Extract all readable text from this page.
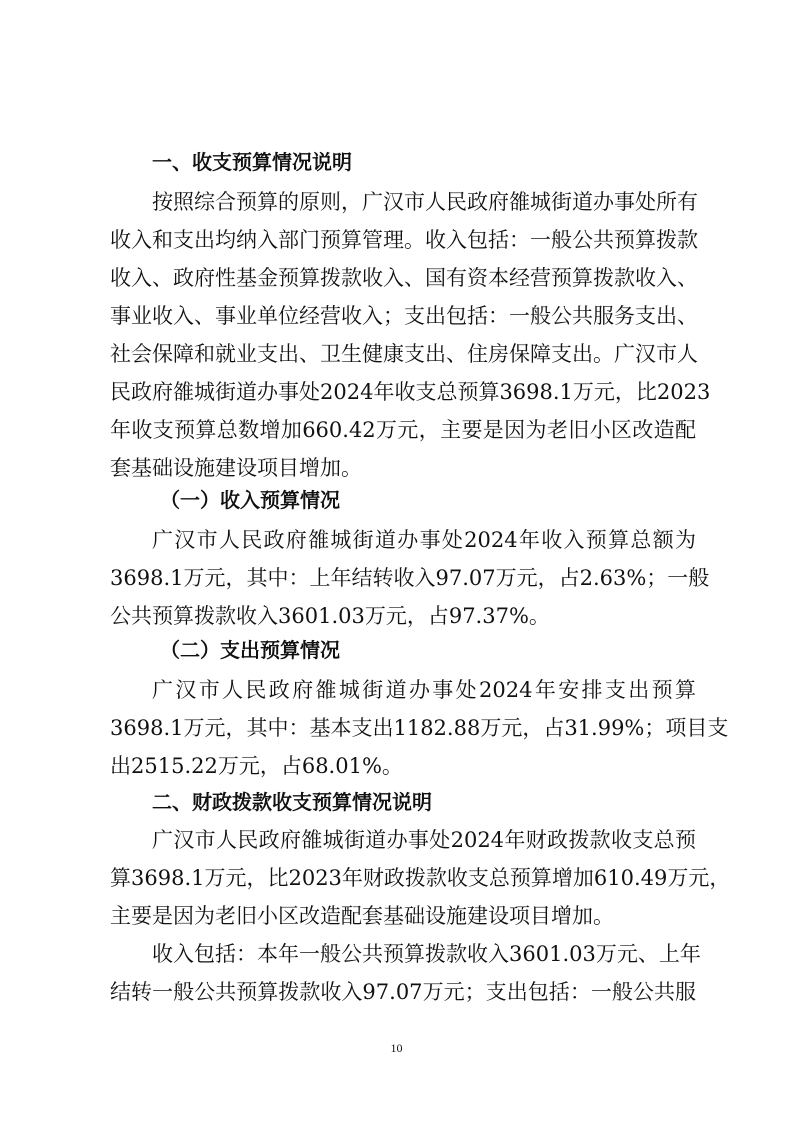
一、收支预算情况说明
按照综合预算的原则，广汉市人民政府雒城街道办事处所有
收入和支出均纳入部门预算管理。收入包括：一般公共预算拨款
收入、政府性基金预算拨款收入、国有资本经营预算拨款收入、
事业收入、事业单位经营收入；支出包括：一般公共服务支出、
社会保障和就业支出、卫生健康支出、住房保障支出。广汉市人
民政府雒城街道办事处2024年收支总预算3698.1万元，比2023
年收支预算总数增加660.42万元，主要是因为老旧小区改造配
套基础设施建设项目增加。
（一）收入预算情况
广汉市人民政府雒城街道办事处2024年收入预算总额为
3698.1万元，其中：上年结转收入97.07万元，占2.63%；一般
公共预算拨款收入3601.03万元，占97.37%。
（二）支出预算情况
广汉市人民政府雒城街道办事处2024年安排支出预算
3698.1万元，其中：基本支出1182.88万元，占31.99%；项目支
出2515.22万元，占68.01%。
二、财政拨款收支预算情况说明
广汉市人民政府雒城街道办事处2024年财政拨款收支总预
算3698.1万元，比2023年财政拨款收支总预算增加610.49万元，
主要是因为老旧小区改造配套基础设施建设项目增加。
收入包括：本年一般公共预算拨款收入3601.03万元、上年
结转一般公共预算拨款收入97.07万元；支出包括：一般公共服
10
